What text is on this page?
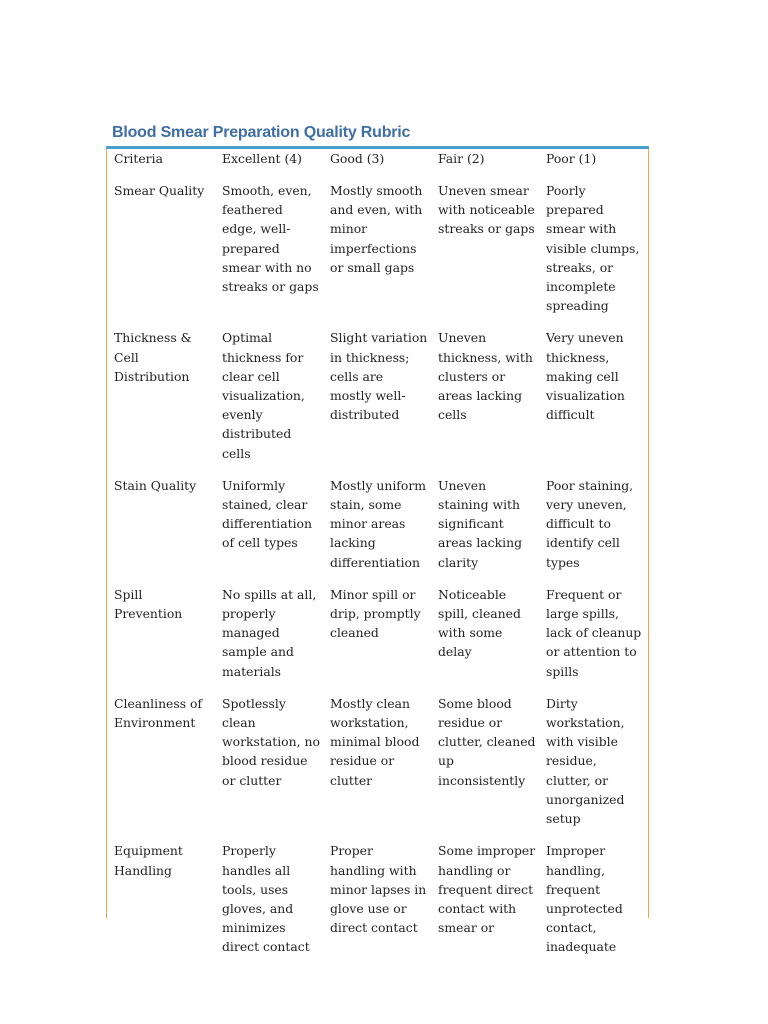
Blood Smear Preparation Quality Rubric
Criteria	Excellent (4)	Good (3)	Fair (2)	Poor (1)
Smear Quality	Smooth, even, feathered edge, well-prepared smear with no streaks or gaps	Mostly smooth and even, with minor imperfections or small gaps	Uneven smear with noticeable streaks or gaps	Poorly prepared smear with visible clumps, streaks, or incomplete spreading
Thickness & Cell Distribution	Optimal thickness for clear cell visualization, evenly distributed cells	Slight variation in thickness; cells are mostly well-distributed	Uneven thickness, with clusters or areas lacking cells	Very uneven thickness, making cell visualization difficult
Stain Quality	Uniformly stained, clear differentiation of cell types	Mostly uniform stain, some minor areas lacking differentiation	Uneven staining with significant areas lacking clarity	Poor staining, very uneven, difficult to identify cell types
Spill Prevention	No spills at all, properly managed sample and materials	Minor spill or drip, promptly cleaned	Noticeable spill, cleaned with some delay	Frequent or large spills, lack of cleanup or attention to spills
Cleanliness of Environment	Spotlessly clean workstation, no blood residue or clutter	Mostly clean workstation, minimal blood residue or clutter	Some blood residue or clutter, cleaned up inconsistently	Dirty workstation, with visible residue, clutter, or unorganized setup
Equipment Handling	Properly handles all tools, uses gloves, and minimizes direct contact	Proper handling with minor lapses in glove use or direct contact	Some improper handling or frequent direct contact with smear or	Improper handling, frequent unprotected contact, inadequate
